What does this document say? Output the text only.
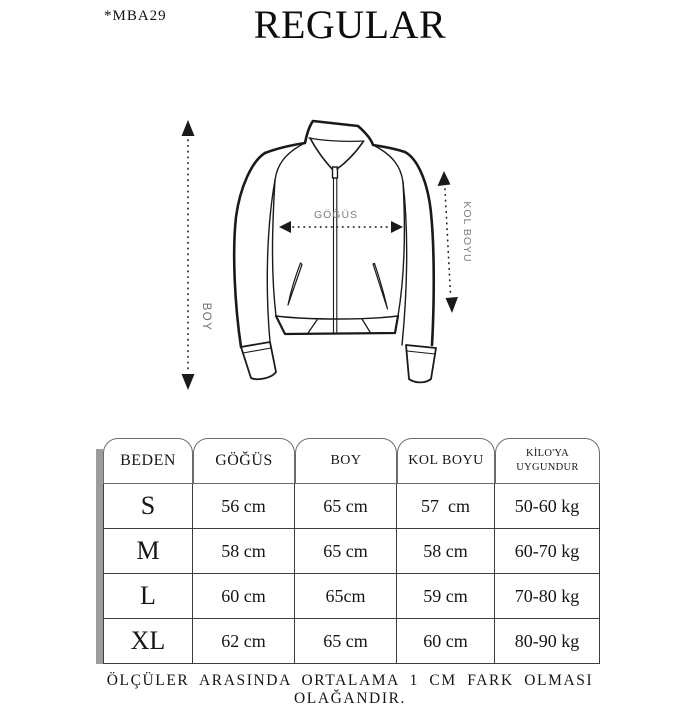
*MBA29	REGULAR
GÖĞÜS
BOY
KOL BOYU
BEDEN	GÖĞÜS	BOY	KOL BOYU	KİLO'YA UYGUNDUR
S	56 cm	65 cm	57  cm	50-60 kg
M	58 cm	65 cm	58 cm	60-70 kg
L	60 cm	65cm	59 cm	70-80 kg
XL	62 cm	65 cm	60 cm	80-90 kg
ÖLÇÜLER ARASINDA ORTALAMA 1 CM FARK OLMASI OLAĞANDIR.
